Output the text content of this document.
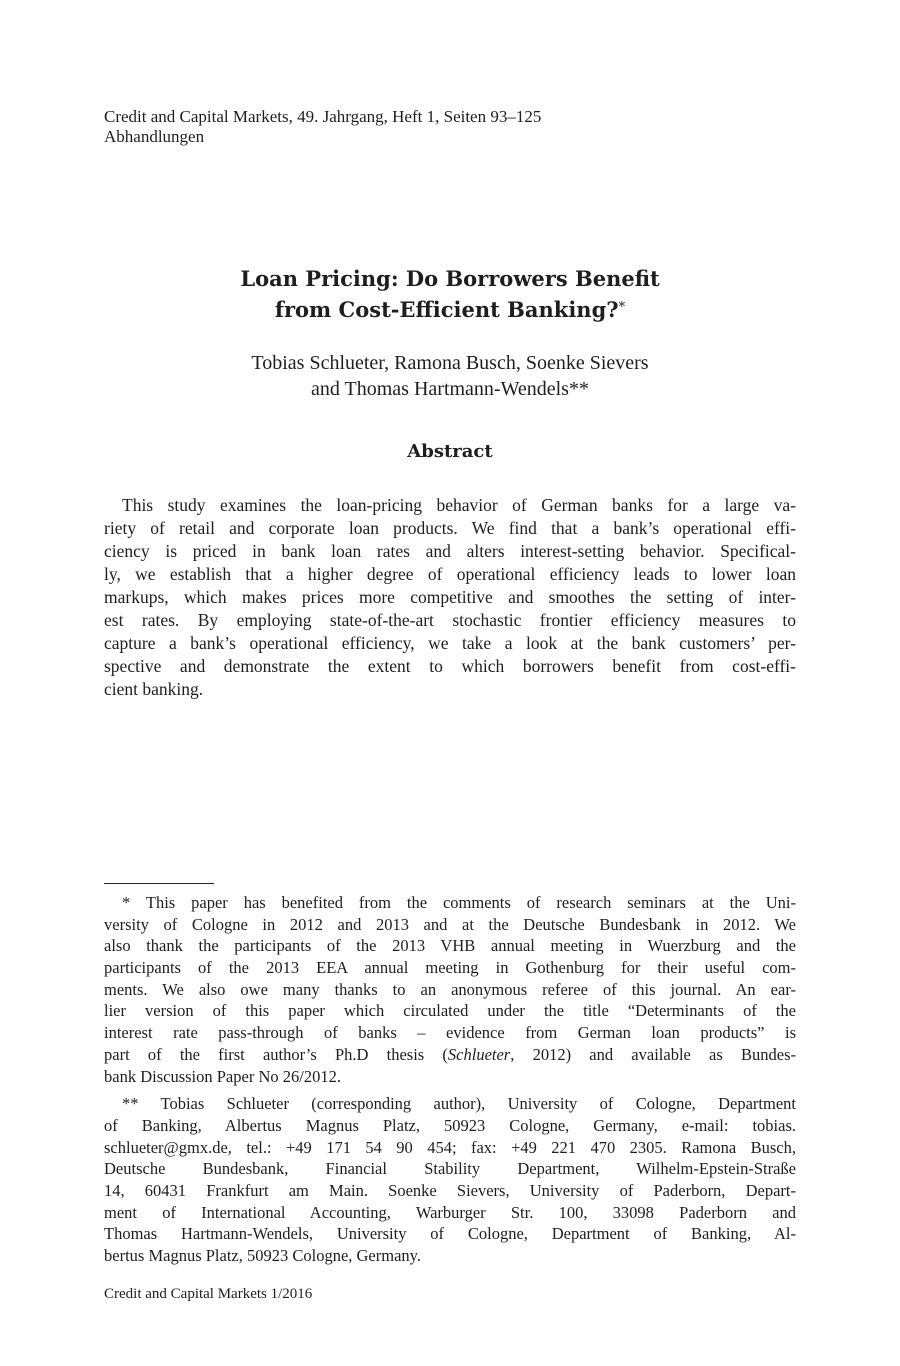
Credit and Capital Markets, 49. Jahrgang, Heft 1, Seiten 93–125
Abhandlungen
Loan Pricing: Do Borrowers Benefit
from Cost-Efficient Banking?*
Tobias Schlueter, Ramona Busch, Soenke Sievers
and Thomas Hartmann-Wendels**
Abstract
This study examines the loan-pricing behavior of German banks for a large va-
riety of retail and corporate loan products. We find that a bank’s operational effi-
ciency is priced in bank loan rates and alters interest-setting behavior. Specifical-
ly, we establish that a higher degree of operational efficiency leads to lower loan
markups, which makes prices more competitive and smoothes the setting of inter-
est rates. By employing state-of-the-art stochastic frontier efficiency measures to
capture a bank’s operational efficiency, we take a look at the bank customers’ per-
spective and demonstrate the extent to which borrowers benefit from cost-effi-
cient banking.
* This paper has benefited from the comments of research seminars at the Uni-
versity of Cologne in 2012 and 2013 and at the Deutsche Bundesbank in 2012. We
also thank the participants of the 2013 VHB annual meeting in Wuerzburg and the
participants of the 2013 EEA annual meeting in Gothenburg for their useful com-
ments. We also owe many thanks to an anonymous referee of this journal. An ear-
lier version of this paper which circulated under the title “Determinants of the
interest rate pass-through of banks – evidence from German loan products” is
part of the first author’s Ph.D thesis (Schlueter, 2012) and available as Bundes-
bank Discussion Paper No 26/2012.
** Tobias Schlueter (corresponding author), University of Cologne, Department
of Banking, Albertus Magnus Platz, 50923 Cologne, Germany, e-mail: tobias.
schlueter@gmx.de, tel.: +49 171 54 90 454; fax: +49 221 470 2305. Ramona Busch,
Deutsche Bundesbank, Financial Stability Department, Wilhelm-Epstein-Straße
14, 60431 Frankfurt am Main. Soenke Sievers, University of Paderborn, Depart-
ment of International Accounting, Warburger Str. 100, 33098 Paderborn and
Thomas Hartmann-Wendels, University of Cologne, Department of Banking, Al-
bertus Magnus Platz, 50923 Cologne, Germany.
Credit and Capital Markets 1/2016
